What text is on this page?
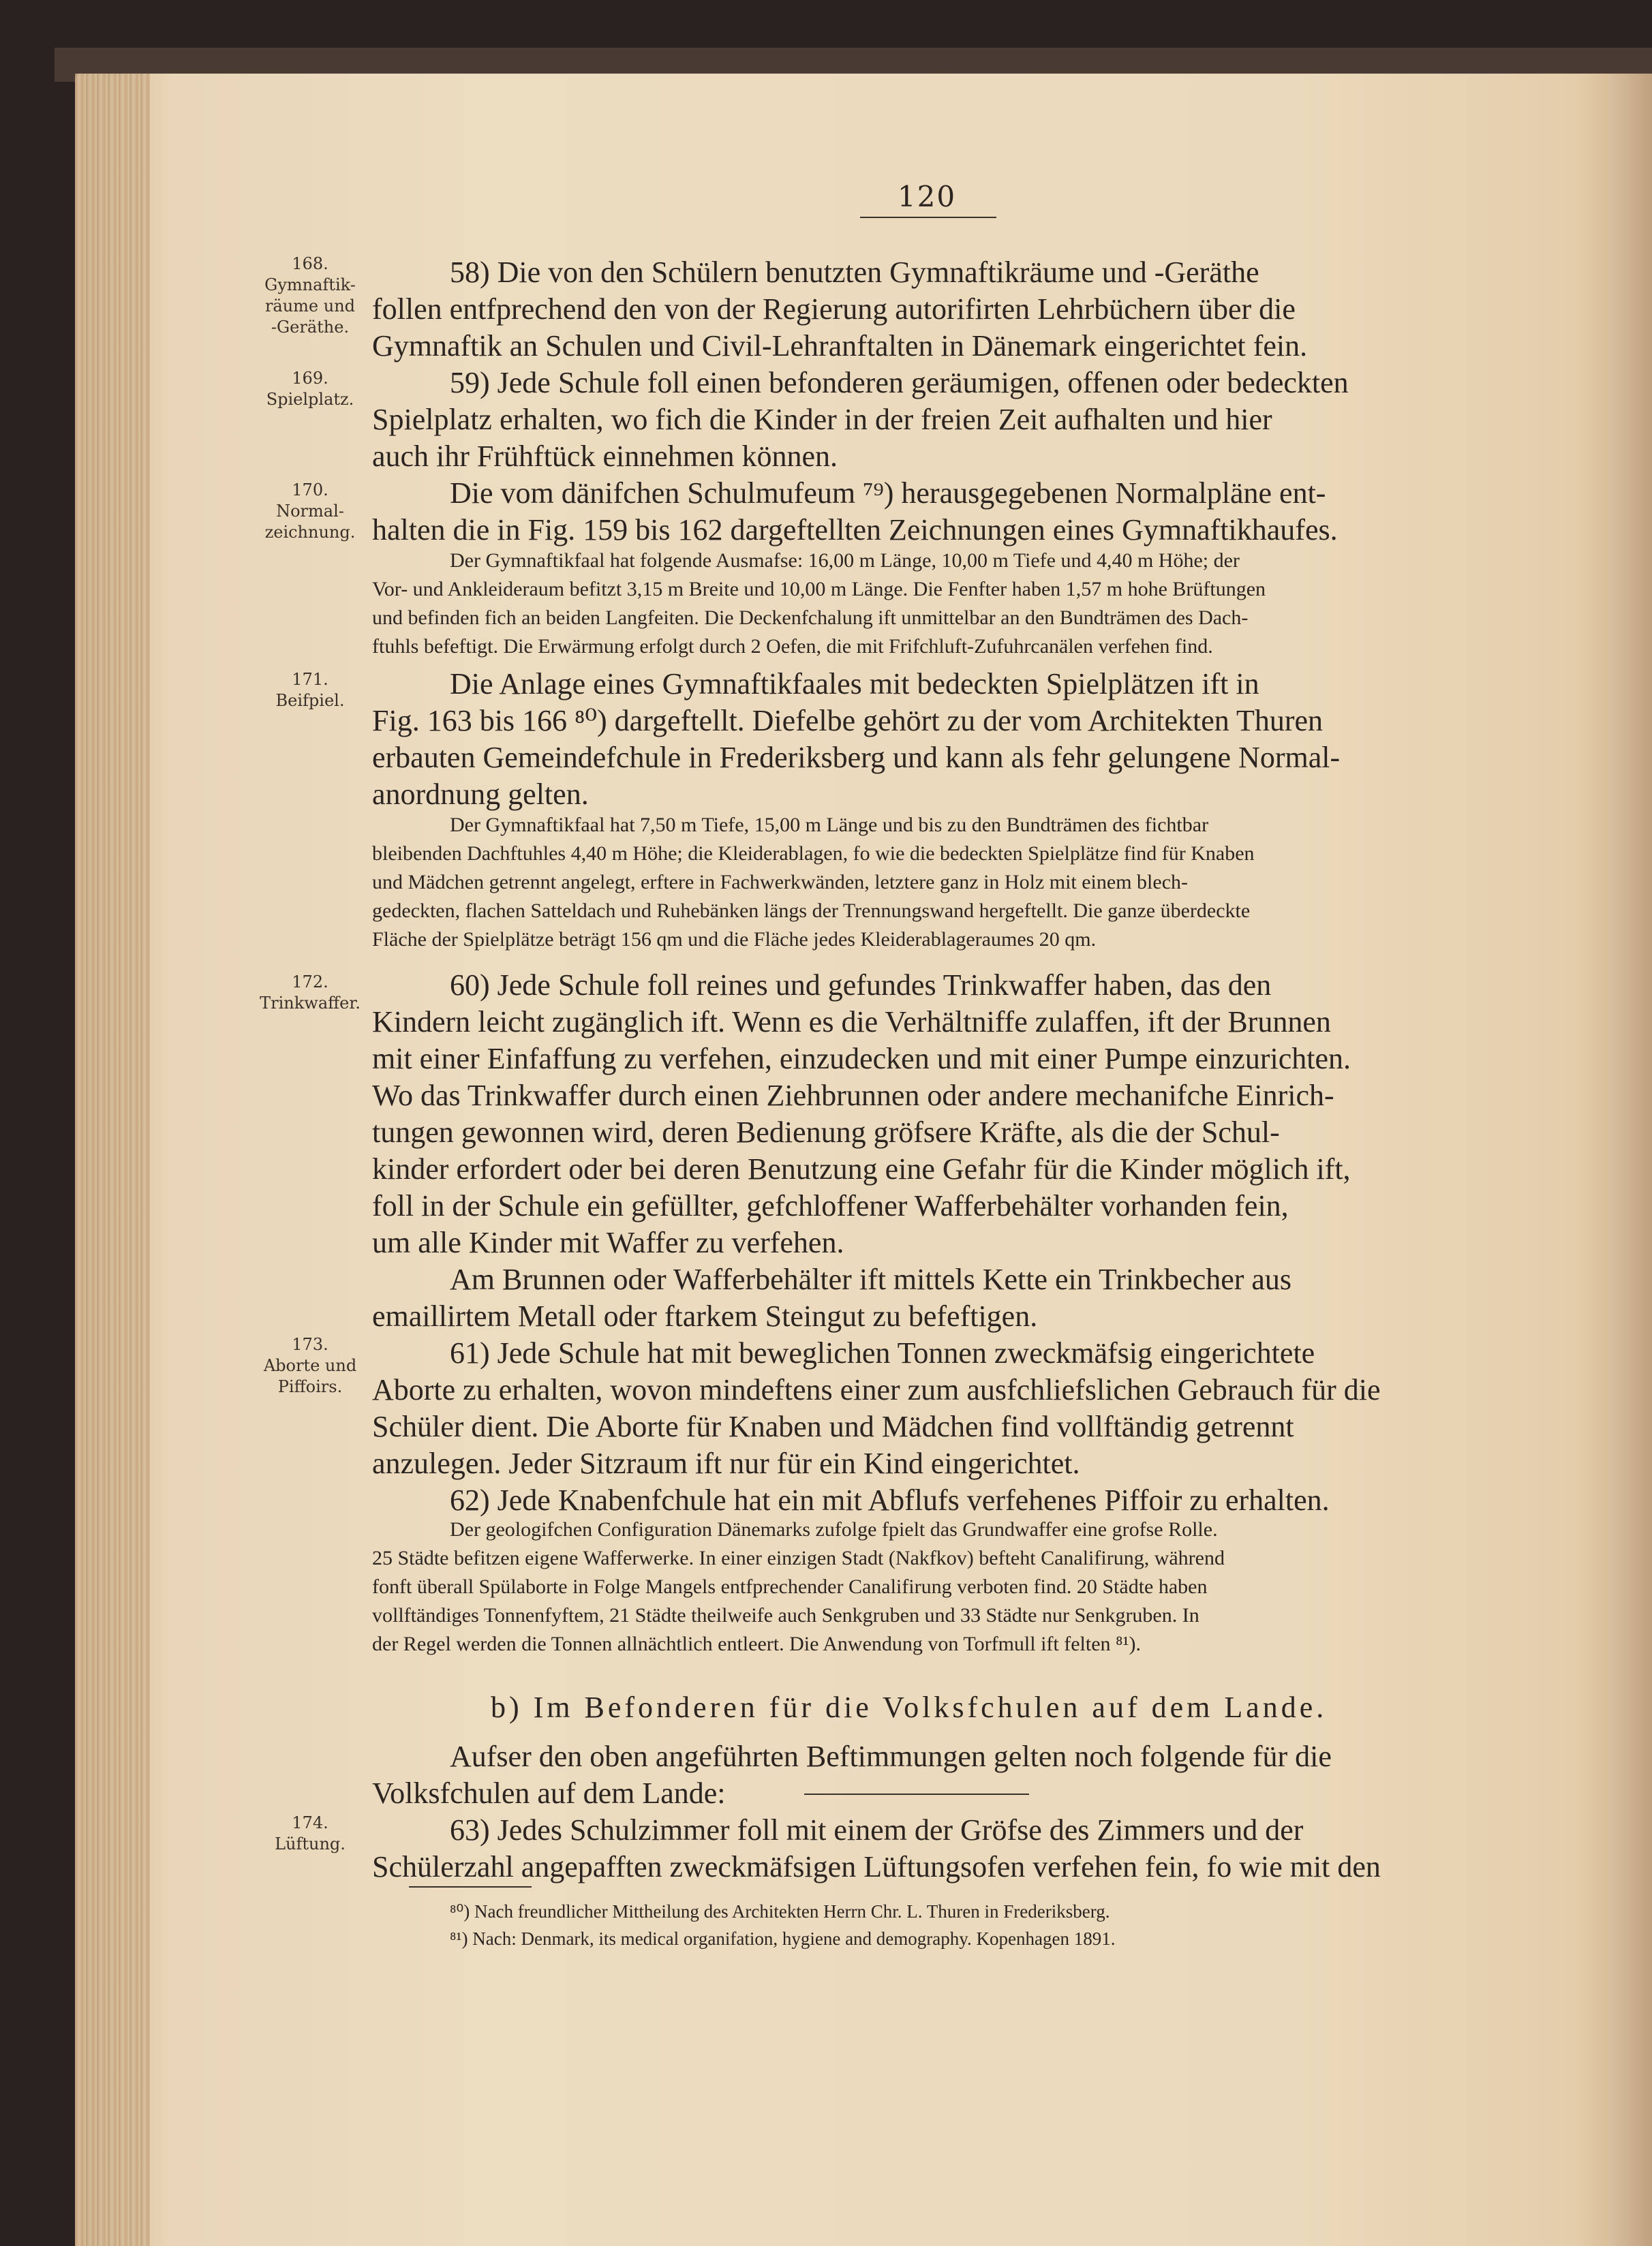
120
168.
Gymnaftik-
räume und
-Geräthe.
169.
Spielplatz.
170.
Normal-
zeichnung.
171.
Beifpiel.
172.
Trinkwaffer.
173.
Aborte und
Piffoirs.
174.
Lüftung.
58) Die von den Schülern benutzten Gymnaftikräume und -Geräthe
follen entfprechend den von der Regierung autorifirten Lehrbüchern über die
Gymnaftik an Schulen und Civil-Lehranftalten in Dänemark eingerichtet fein.
59) Jede Schule foll einen befonderen geräumigen, offenen oder bedeckten
Spielplatz erhalten, wo fich die Kinder in der freien Zeit aufhalten und hier
auch ihr Frühftück einnehmen können.
Die vom dänifchen Schulmufeum ⁷⁹) herausgegebenen Normalpläne ent-
halten die in Fig. 159 bis 162 dargeftellten Zeichnungen eines Gymnaftikhaufes.
Der Gymnaftikfaal hat folgende Ausmafse: 16,00 m Länge, 10,00 m Tiefe und 4,40 m Höhe; der
Vor- und Ankleideraum befitzt 3,15 m Breite und 10,00 m Länge. Die Fenfter haben 1,57 m hohe Brüftungen
und befinden fich an beiden Langfeiten. Die Deckenfchalung ift unmittelbar an den Bundträmen des Dach-
ftuhls befeftigt. Die Erwärmung erfolgt durch 2 Oefen, die mit Frifchluft-Zufuhrcanälen verfehen find.
Die Anlage eines Gymnaftikfaales mit bedeckten Spielplätzen ift in
Fig. 163 bis 166 ⁸⁰) dargeftellt. Diefelbe gehört zu der vom Architekten Thuren
erbauten Gemeindefchule in Frederiksberg und kann als fehr gelungene Normal-
anordnung gelten.
Der Gymnaftikfaal hat 7,50 m Tiefe, 15,00 m Länge und bis zu den Bundträmen des fichtbar
bleibenden Dachftuhles 4,40 m Höhe; die Kleiderablagen, fo wie die bedeckten Spielplätze find für Knaben
und Mädchen getrennt angelegt, erftere in Fachwerkwänden, letztere ganz in Holz mit einem blech-
gedeckten, flachen Satteldach und Ruhebänken längs der Trennungswand hergeftellt. Die ganze überdeckte
Fläche der Spielplätze beträgt 156 qm und die Fläche jedes Kleiderablageraumes 20 qm.
60) Jede Schule foll reines und gefundes Trinkwaffer haben, das den
Kindern leicht zugänglich ift. Wenn es die Verhältniffe zulaffen, ift der Brunnen
mit einer Einfaffung zu verfehen, einzudecken und mit einer Pumpe einzurichten.
Wo das Trinkwaffer durch einen Ziehbrunnen oder andere mechanifche Einrich-
tungen gewonnen wird, deren Bedienung gröfsere Kräfte, als die der Schul-
kinder erfordert oder bei deren Benutzung eine Gefahr für die Kinder möglich ift,
foll in der Schule ein gefüllter, gefchloffener Wafferbehälter vorhanden fein,
um alle Kinder mit Waffer zu verfehen.
Am Brunnen oder Wafferbehälter ift mittels Kette ein Trinkbecher aus
emaillirtem Metall oder ftarkem Steingut zu befeftigen.
61) Jede Schule hat mit beweglichen Tonnen zweckmäfsig eingerichtete
Aborte zu erhalten, wovon mindeftens einer zum ausfchliefslichen Gebrauch für die
Schüler dient. Die Aborte für Knaben und Mädchen find vollftändig getrennt
anzulegen. Jeder Sitzraum ift nur für ein Kind eingerichtet.
62) Jede Knabenfchule hat ein mit Abflufs verfehenes Piffoir zu erhalten.
Der geologifchen Configuration Dänemarks zufolge fpielt das Grundwaffer eine grofse Rolle.
25 Städte befitzen eigene Wafferwerke. In einer einzigen Stadt (Nakfkov) befteht Canalifirung, während
fonft überall Spülaborte in Folge Mangels entfprechender Canalifirung verboten find. 20 Städte haben
vollftändiges Tonnenfyftem, 21 Städte theilweife auch Senkgruben und 33 Städte nur Senkgruben. In
der Regel werden die Tonnen allnächtlich entleert. Die Anwendung von Torfmull ift felten ⁸¹).
b) Im Befonderen für die Volksfchulen auf dem Lande.
Aufser den oben angeführten Beftimmungen gelten noch folgende für die
Volksfchulen auf dem Lande:
63) Jedes Schulzimmer foll mit einem der Gröfse des Zimmers und der
Schülerzahl angepafften zweckmäfsigen Lüftungsofen verfehen fein, fo wie mit den
⁸⁰) Nach freundlicher Mittheilung des Architekten Herrn Chr. L. Thuren in Frederiksberg.
⁸¹) Nach: Denmark, its medical organifation, hygiene and demography. Kopenhagen 1891.
